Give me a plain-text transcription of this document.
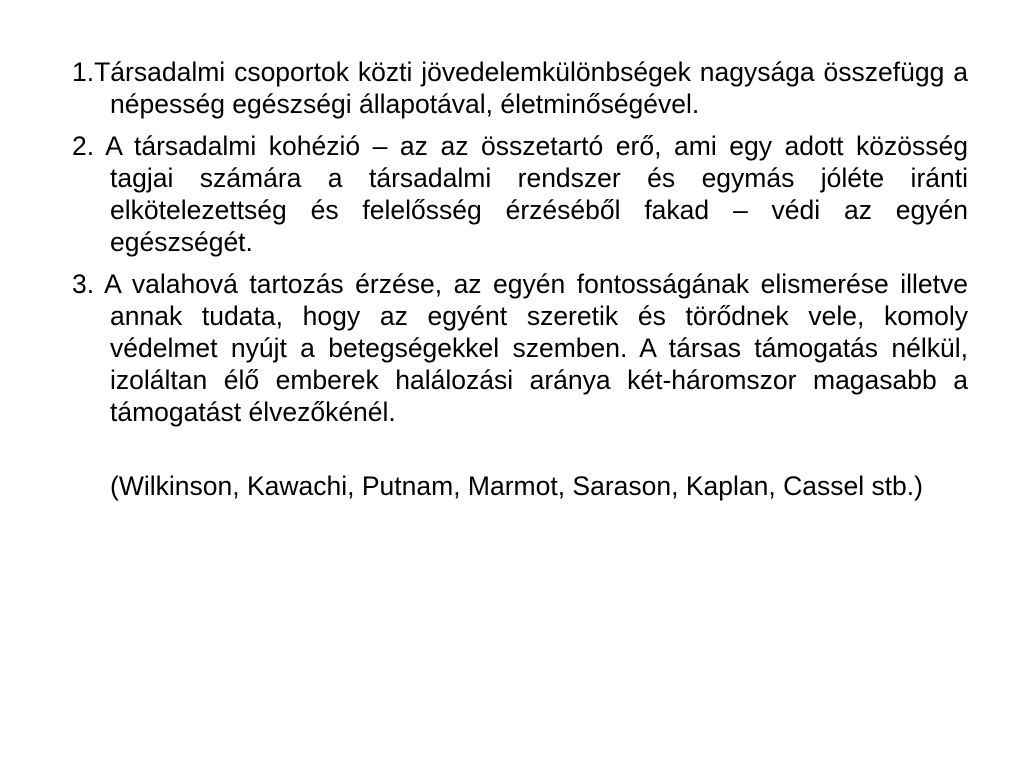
1.Társadalmi csoportok közti jövedelemkülönbségek nagysága összefügg a népesség egészségi állapotával, életminőségével.
2. A társadalmi kohézió – az az összetartó erő, ami egy adott közösség tagjai számára a társadalmi rendszer és egymás jóléte iránti elkötelezettség és felelősség érzéséből fakad – védi az egyén egészségét.
3. A valahová tartozás érzése, az egyén fontosságának elismerése illetve annak tudata, hogy az egyént szeretik és törődnek vele, komoly védelmet nyújt a betegségekkel szemben. A társas támogatás nélkül, izoláltan élő emberek halálozási aránya két-háromszor magasabb a támogatást élvezőkénél.
(Wilkinson, Kawachi, Putnam, Marmot, Sarason, Kaplan, Cassel stb.)
